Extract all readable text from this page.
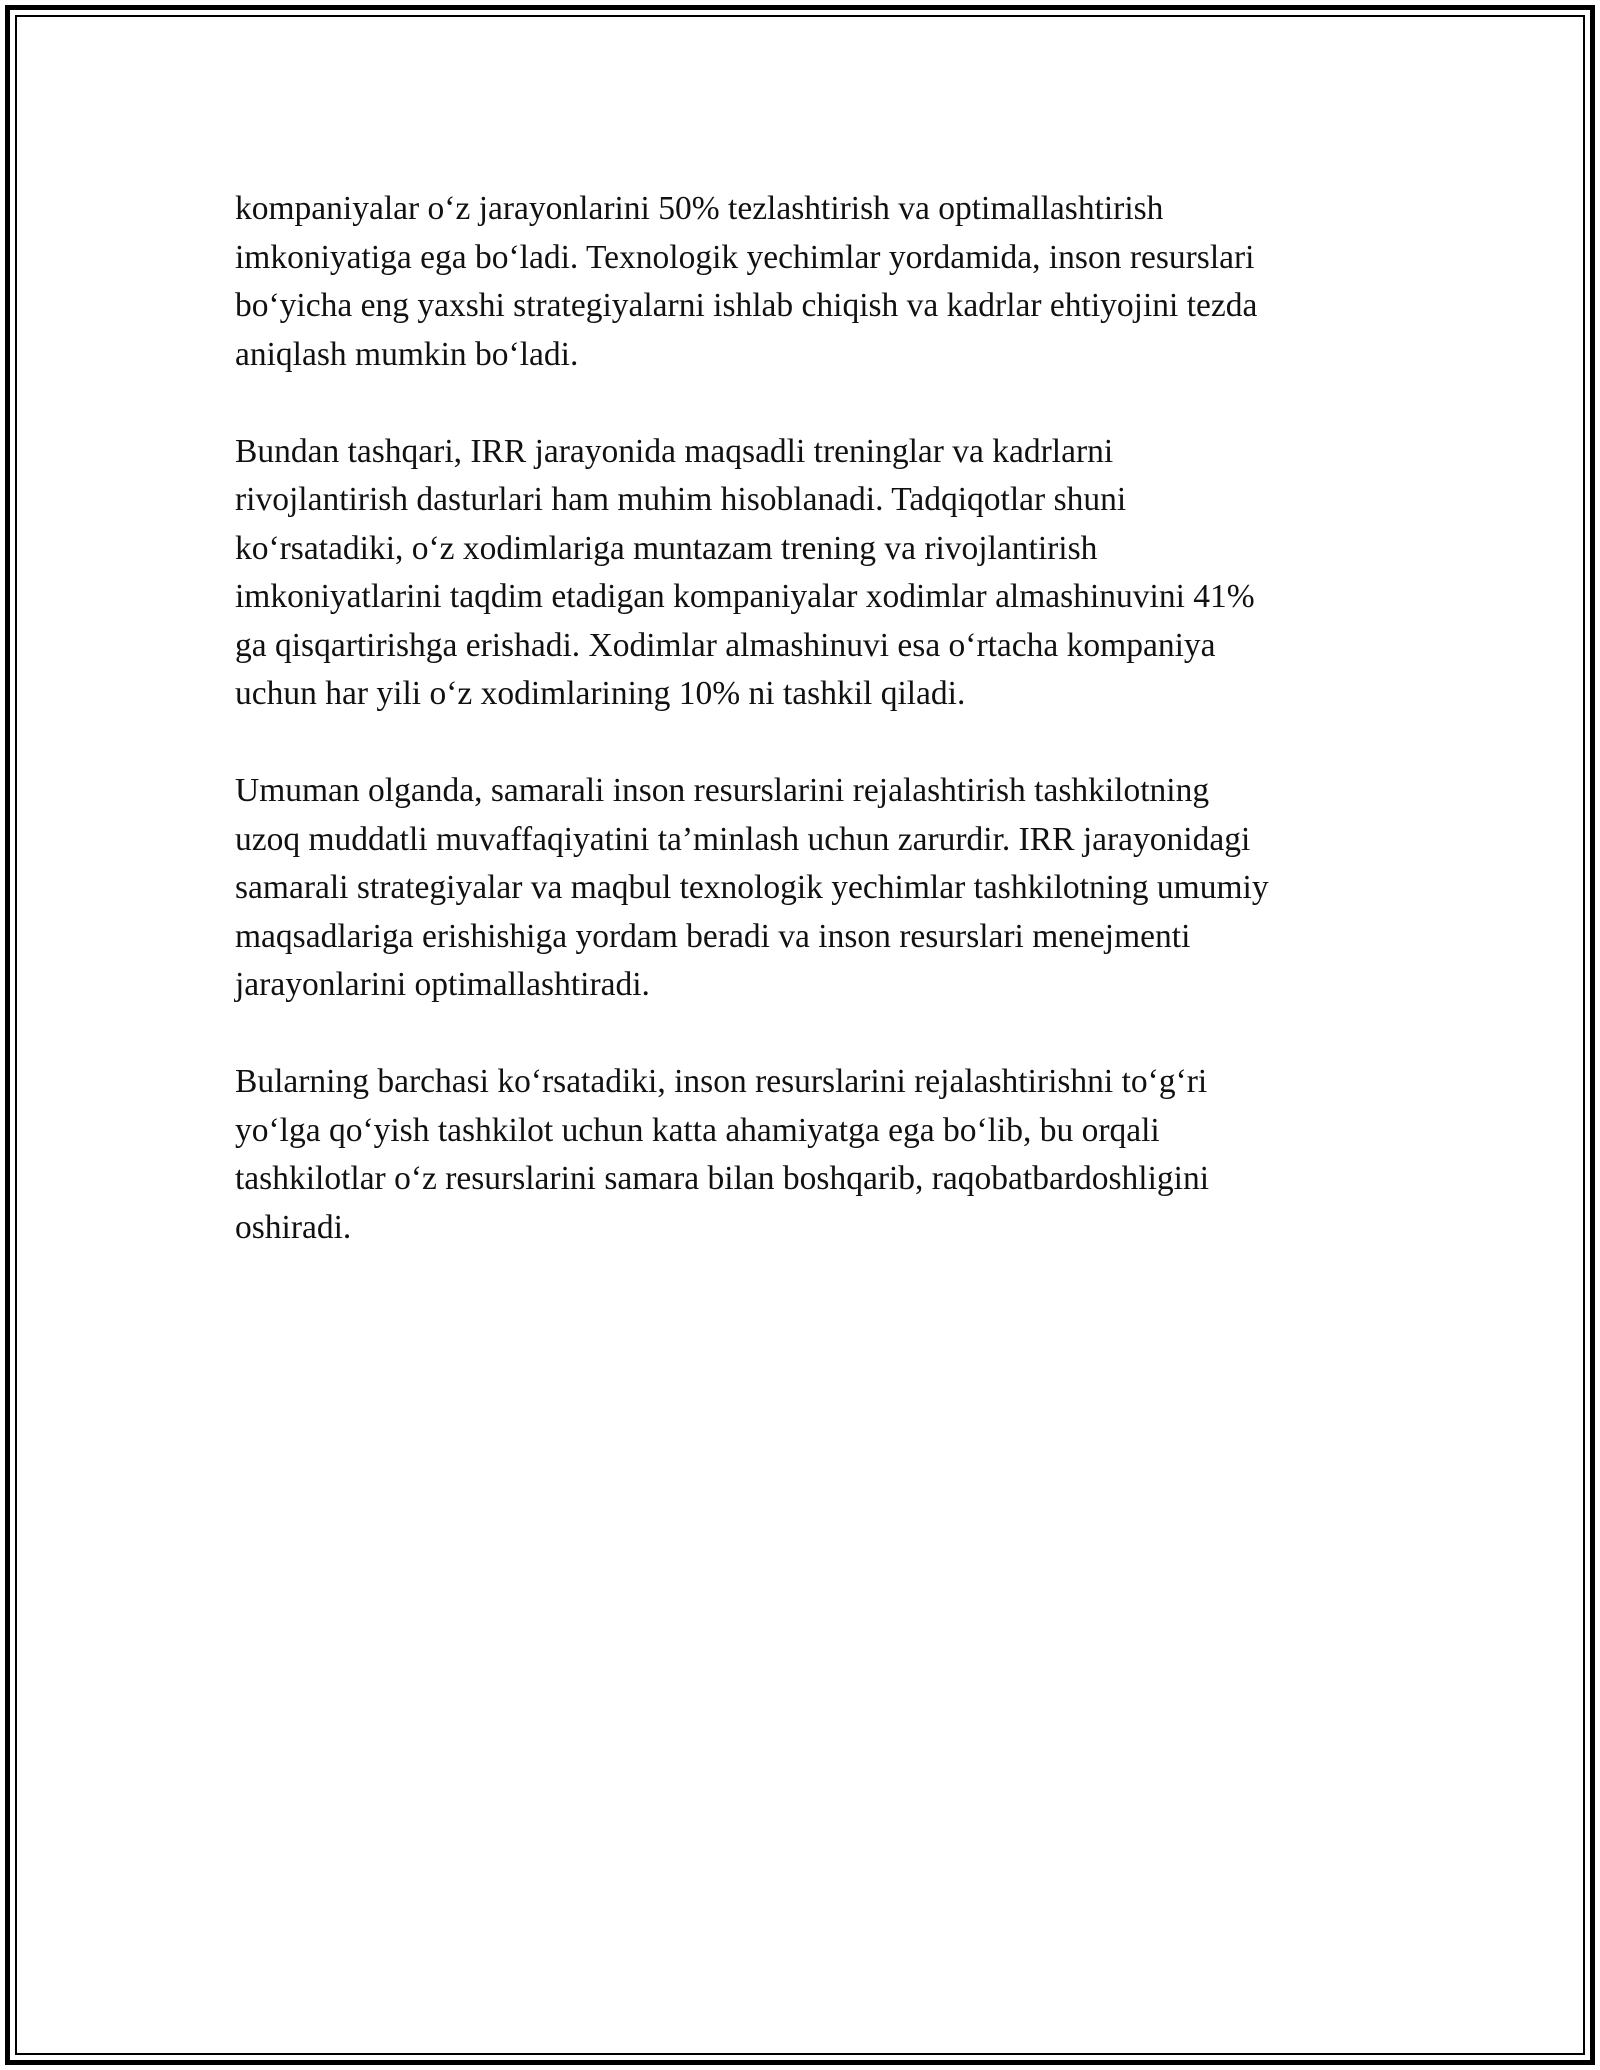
kompaniyalar o‘z jarayonlarini 50% tezlashtirish va optimallashtirish
imkoniyatiga ega bo‘ladi. Texnologik yechimlar yordamida, inson resurslari
bo‘yicha eng yaxshi strategiyalarni ishlab chiqish va kadrlar ehtiyojini tezda
aniqlash mumkin bo‘ladi.

Bundan tashqari, IRR jarayonida maqsadli treninglar va kadrlarni
rivojlantirish dasturlari ham muhim hisoblanadi. Tadqiqotlar shuni
ko‘rsatadiki, o‘z xodimlariga muntazam trening va rivojlantirish
imkoniyatlarini taqdim etadigan kompaniyalar xodimlar almashinuvini 41%
ga qisqartirishga erishadi. Xodimlar almashinuvi esa o‘rtacha kompaniya
uchun har yili o‘z xodimlarining 10% ni tashkil qiladi.

Umuman olganda, samarali inson resurslarini rejalashtirish tashkilotning
uzoq muddatli muvaffaqiyatini ta’minlash uchun zarurdir. IRR jarayonidagi
samarali strategiyalar va maqbul texnologik yechimlar tashkilotning umumiy
maqsadlariga erishishiga yordam beradi va inson resurslari menejmenti
jarayonlarini optimallashtiradi.

Bularning barchasi ko‘rsatadiki, inson resurslarini rejalashtirishni to‘g‘ri
yo‘lga qo‘yish tashkilot uchun katta ahamiyatga ega bo‘lib, bu orqali
tashkilotlar o‘z resurslarini samara bilan boshqarib, raqobatbardoshligini
oshiradi.
